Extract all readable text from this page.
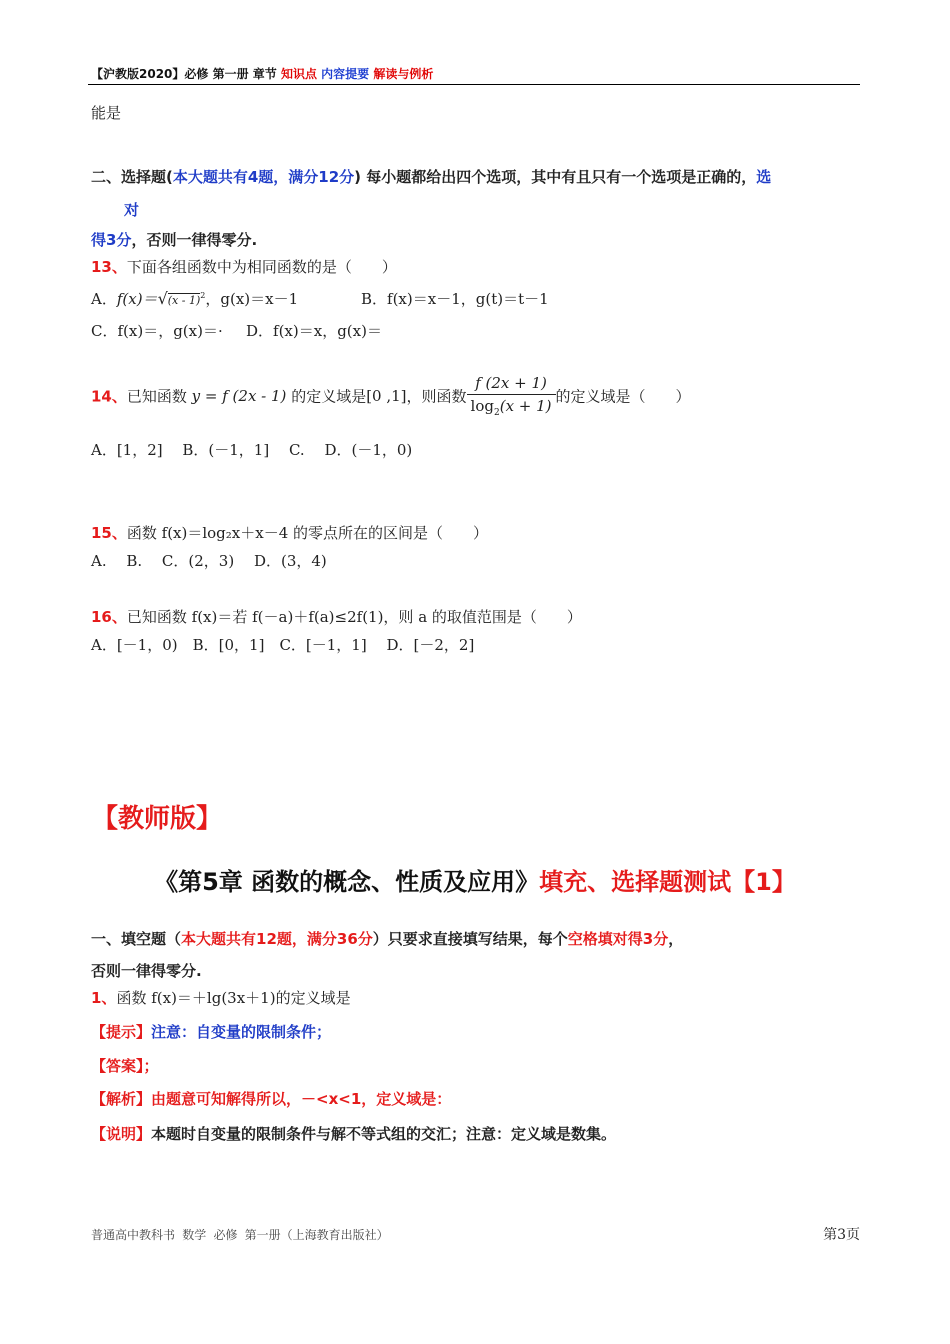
【沪教版2020】必修 第一册 章节 知识点 内容提要 解读与例析
能是
二、选择题(本大题共有4题，满分12分) 每小题都给出四个选项，其中有且只有一个选项是正确的，选
对
得3分，否则一律得零分.
13、下面各组函数中为相同函数的是（　　）
A．f(x)＝√(x - 1)$^2$，g(x)＝x－1	B．f(x)＝x－1，g(t)＝t－1
C．f(x)＝，g(x)＝· D．f(x)＝x，g(x)＝
14、已知函数 y = f (2x - 1) 的定义域是[0 ,1]，则函数 $\frac{f (2x + 1)}{\log_2(x + 1)}$ 的定义域是（　　）
A．[1，2]　 B．(－1，1]　 C.　 D．(－1，0)
15、函数 f(x)＝log₂x＋x－4 的零点所在的区间是（　　）
A.　 B.　 C．(2，3)　 D．(3，4)
16、已知函数 f(x)＝若 f(－a)＋f(a)≤2f(1)，则 a 的取值范围是（　　）
A．[－1，0)　B．[0，1]　C．[－1，1]　 D．[－2，2]
【教师版】
《第5章 函数的概念、性质及应用》填充、选择题测试【1】
一、填空题（本大题共有12题，满分36分）只要求直接填写结果，每个空格填对得3分，
否则一律得零分.
1、函数 f(x)＝＋lg(3x＋1)的定义域是
【提示】注意：自变量的限制条件；
【答案】；
【解析】由题意可知解得所以，－<x<1，定义域是：
【说明】本题时自变量的限制条件与解不等式组的交汇；注意：定义域是数集。
普通高中教科书 数学 必修 第一册（上海教育出版社）	第3页
